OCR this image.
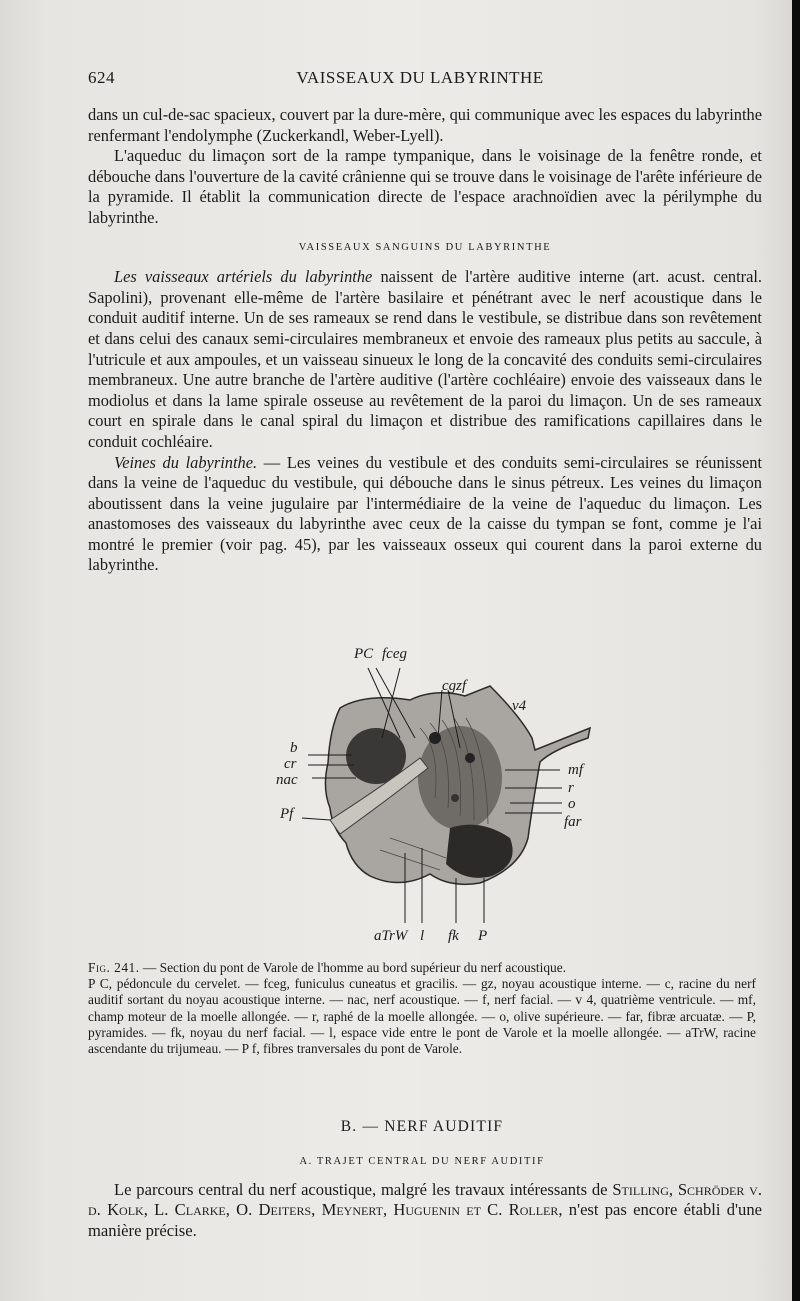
624	VAISSEAUX DU LABYRINTHE

dans un cul-de-sac spacieux, couvert par la dure-mère, qui communique avec les espaces du labyrinthe renfermant l'endolymphe (Zuckerkandl, Weber-Lyell).

L'aqueduc du limaçon sort de la rampe tympanique, dans le voisinage de la fenêtre ronde, et débouche dans l'ouverture de la cavité crânienne qui se trouve dans le voisinage de l'arête inférieure de la pyramide. Il établit la communication directe de l'espace arachnoïdien avec la périlymphe du labyrinthe.

VAISSEAUX SANGUINS DU LABYRINTHE

Les vaisseaux artériels du labyrinthe naissent de l'artère auditive interne (art. acust. central. Sapolini), provenant elle-même de l'artère basilaire et pénétrant avec le nerf acoustique dans le conduit auditif interne. Un de ses rameaux se rend dans le vestibule, se distribue dans son revêtement et dans celui des canaux semi-circulaires membraneux et envoie des rameaux plus petits au saccule, à l'utricule et aux ampoules, et un vaisseau sinueux le long de la concavité des conduits semi-circulaires membraneux. Une autre branche de l'artère auditive (l'artère cochléaire) envoie des vaisseaux dans le modiolus et dans la lame spirale osseuse au revêtement de la paroi du limaçon. Un de ses rameaux court en spirale dans le canal spiral du limaçon et distribue des ramifications capillaires dans le conduit cochléaire.

Veines du labyrinthe. — Les veines du vestibule et des conduits semi-circulaires se réunissent dans la veine de l'aqueduc du vestibule, qui débouche dans le sinus pétreux. Les veines du limaçon aboutissent dans la veine jugulaire par l'intermédiaire de la veine de l'aqueduc du limaçon. Les anastomoses des vaisseaux du labyrinthe avec ceux de la caisse du tympan se font, comme je l'ai montré le premier (voir pag. 45), par les vaisseaux osseux qui courent dans la paroi externe du labyrinthe.

PC fceg
cgzf
v4
b
cr
nac
Pf
mf
r
o
far
aTrW l fk P

Fig. 241. — Section du pont de Varole de l'homme au bord supérieur du nerf acoustique.

P C, pédoncule du cervelet. — fceg, funiculus cuneatus et gracilis. — gz, noyau acoustique interne. — c, racine du nerf auditif sortant du noyau acoustique interne. — nac, nerf acoustique. — f, nerf facial. — v 4, quatrième ventricule. — mf, champ moteur de la moelle allongée. — r, raphé de la moelle allongée. — o, olive supérieure. — far, fibræ arcuatæ. — P, pyramides. — fk, noyau du nerf facial. — l, espace vide entre le pont de Varole et la moelle allongée. — aTrW, racine ascendante du trijumeau. — P f, fibres tranversales du pont de Varole.

B. — NERF AUDITIF
A. TRAJET CENTRAL DU NERF AUDITIF

Le parcours central du nerf acoustique, malgré les travaux intéressants de Stilling, Schröder v. d. Kolk, L. Clarke, O. Deiters, Meynert, Huguenin et C. Roller, n'est pas encore établi d'une manière précise.
